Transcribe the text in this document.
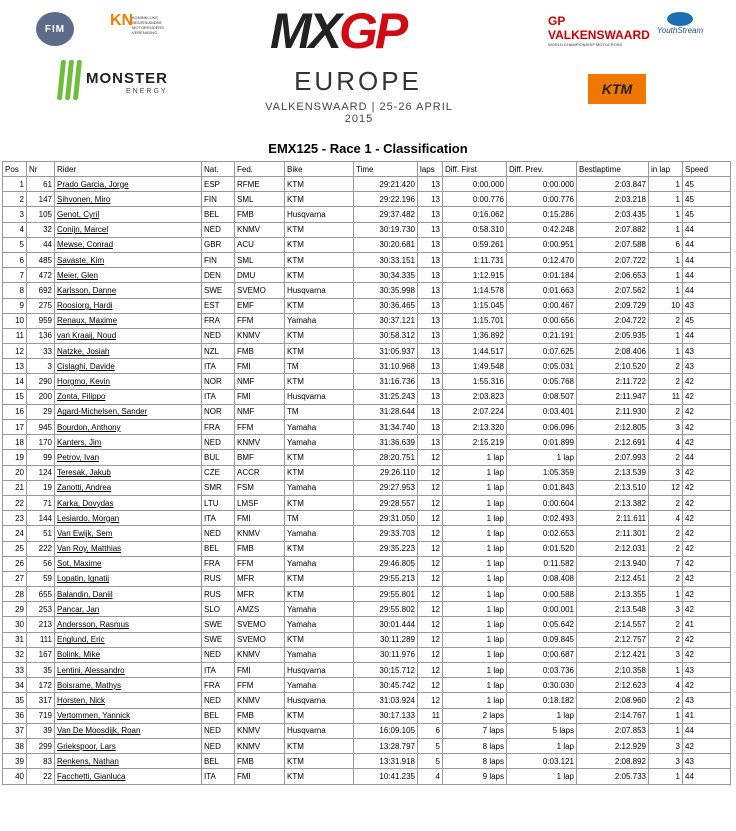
FIM	KN
KONINKLIJKE NEDERLANDSE MOTORRIJDERS VERENIGING MXGP
EUROPE
VALKENSWAARD | 25-26 APRIL 2015
MONSTER
ENERGY
GP VALKENSWAARD
WORLD CHAMPIONSHIP MOTOCROSS
YouthStream
KTM
EMX125 - Race 1 - Classification
Pos	Nr	Rider	Nat.	Fed.	Bike	Time	laps	Diff. First	Diff. Prev.	Bestlaptime	in lap	Speed
1	61	Prado Garcia, Jorge	ESP	RFME	KTM	29:21.420	13	0:00.000	0:00.000	2:03.847	1	45
2	147	Sihvonen, Miro	FIN	SML	KTM	29:22.196	13	0:00.776	0:00.776	2:03.218	1	45
3	105	Genot, Cyril	BEL	FMB	Husqvarna	29:37.482	13	0:16.062	0:15.286	2:03.435	1	45
4	32	Conijn, Marcel	NED	KNMV	KTM	30:19.730	13	0:58.310	0:42.248	2:07.882	1	44
5	44	Mewse, Conrad	GBR	ACU	KTM	30:20.681	13	0:59.261	0:00.951	2:07.588	6	44
6	485	Savaste, Kim	FIN	SML	KTM	30:33.151	13	1:11.731	0:12.470	2:07.722	1	44
7	472	Meier, Glen	DEN	DMU	KTM	30:34.335	13	1:12.915	0:01.184	2:06.653	1	44
8	692	Karlsson, Danne	SWE	SVEMO	Husqvarna	30:35.998	13	1:14.578	0:01.663	2:07.562	1	44
9	275	Roosiorg, Hardi	EST	EMF	KTM	30:36.465	13	1:15.045	0:00.467	2:09.729	10	43
10	959	Renaux, Maxime	FRA	FFM	Yamaha	30:37.121	13	1:15.701	0:00.656	2:04.722	2	45
11	136	van Kraaij, Noud	NED	KNMV	KTM	30:58.312	13	1:36.892	0:21.191	2:05.935	1	44
12	33	Natzke, Josiah	NZL	FMB	KTM	31:05.937	13	1:44.517	0:07.625	2:08.406	1	43
13	3	Cislaghi, Davide	ITA	FMI	TM	31:10.968	13	1:49.548	0:05.031	2:10.520	2	43
14	290	Horgmo, Kevin	NOR	NMF	KTM	31:16.736	13	1:55.316	0:05.768	2:11.722	2	42
15	200	Zonta, Filippo	ITA	FMI	Husqvarna	31:25.243	13	2:03.823	0:08.507	2:11.947	11	42
16	29	Agard-Michelsen, Sander	NOR	NMF	TM	31:28.644	13	2:07.224	0:03.401	2:11.930	2	42
17	945	Bourdon, Anthony	FRA	FFM	Yamaha	31:34.740	13	2:13.320	0:06.096	2:12.805	3	42
18	170	Kanters, Jim	NED	KNMV	Yamaha	31:36.639	13	2:15.219	0:01.899	2:12.691	4	42
19	99	Petrov, Ivan	BUL	BMF	KTM	28:20.751	12	1 lap	1 lap	2:07.993	2	44
20	124	Teresak, Jakub	CZE	ACCR	KTM	29:26.110	12	1 lap	1:05.359	2:13.539	3	42
21	19	Zanotti, Andrea	SMR	FSM	Yamaha	29:27.953	12	1 lap	0:01.843	2:13.510	12	42
22	71	Karka, Dovydas	LTU	LMSF	KTM	29:28.557	12	1 lap	0:00.604	2:13.382	2	42
23	144	Lesiardo, Morgan	ITA	FMI	TM	29:31.050	12	1 lap	0:02.493	2:11.611	4	42
24	51	Van Ewijk, Sem	NED	KNMV	Yamaha	29:33.703	12	1 lap	0:02.653	2:11.301	2	42
25	222	Van Roy, Matthias	BEL	FMB	KTM	29:35.223	12	1 lap	0:01.520	2:12.031	2	42
26	56	Sot, Maxime	FRA	FFM	Yamaha	29:46.805	12	1 lap	0:11.582	2:13.940	7	42
27	59	Lopatin, Ignatij	RUS	MFR	KTM	29:55.213	12	1 lap	0:08.408	2:12.451	2	42
28	655	Balandin, Daniil	RUS	MFR	KTM	29:55.801	12	1 lap	0:00.588	2:13.355	1	42
29	253	Pancar, Jan	SLO	AMZS	Yamaha	29:55.802	12	1 lap	0:00.001	2:13.548	3	42
30	213	Andersson, Rasmus	SWE	SVEMO	Yamaha	30:01.444	12	1 lap	0:05.642	2:14.557	2	41
31	111	Englund, Eric	SWE	SVEMO	KTM	30:11.289	12	1 lap	0:09.845	2:12.757	2	42
32	167	Bolink, Mike	NED	KNMV	Yamaha	30:11.976	12	1 lap	0:00.687	2:12.421	3	42
33	35	Lentini, Alessandro	ITA	FMI	Husqvarna	30:15.712	12	1 lap	0:03.736	2:10.358	1	43
34	172	Boisrame, Mathys	FRA	FFM	Yamaha	30:45.742	12	1 lap	0:30.030	2:12.623	4	42
35	317	Horsten, Nick	NED	KNMV	Husqvarna	31:03.924	12	1 lap	0:18.182	2:08.960	2	43
36	719	Vertommen, Yannick	BEL	FMB	KTM	30:17.133	11	2 laps	1 lap	2:14.767	1	41
37	39	Van De Moosdijk, Roan	NED	KNMV	Husqvarna	16:09.105	6	7 laps	5 laps	2:07.853	1	44
38	299	Griekspoor, Lars	NED	KNMV	KTM	13:28.797	5	8 laps	1 lap	2:12.929	3	42
39	83	Renkens, Nathan	BEL	FMB	KTM	13:31.918	5	8 laps	0:03.121	2:08.892	3	43
40	22	Facchetti, Gianluca	ITA	FMI	KTM	10:41.235	4	9 laps	1 lap	2:05.733	1	44
